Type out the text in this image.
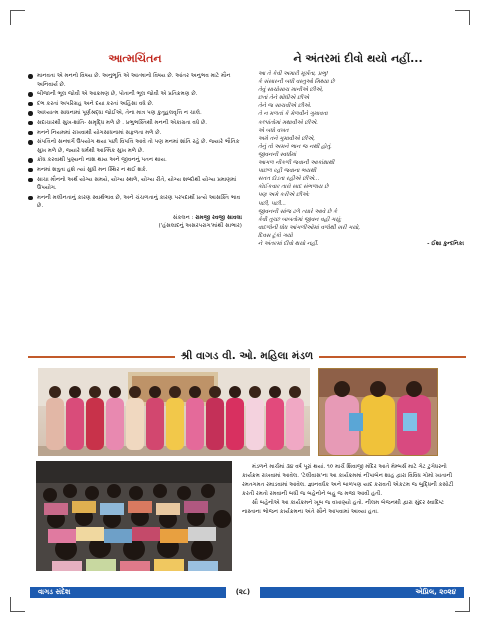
આત્મચિંતન
માનવતા એ મનનો વિષય છે. અનુભૂતિ એ આત્માનો વિષય છે. આંતર અનુભવ માટે મૌન અનિવાર્ય છે.
બીજાની ભૂલ જોવી એ આક્રમણ છે, પોતાની ભૂલ જોવી એ પ્રતિક્રમણ છે.
દંભ કરતાં અપરિગ્રહ અને દયા કરતાં અહિંસા વધે છે.
આધ્યાત્મ સાધનામાં પૂર્ણશ્રદ્ધા જોઈએ, તેના માત્ર પણ કુતૂહલવૃત્તિ ન ચાલે.
સદાચારથી સુખ-શાંતિ- સમૃદ્ધિ મળે છે . પ્રભુભક્તિથી મનની એકાગ્રતા વધે છે.
મનને નિયમમાં રાખવાથી યોગસાધનામાં સફળતા મળે છે.
સંપત્તિનો સન્માર્ગે ઉપયોગ થયા પછી વિપત્તિ આવે તો પણ મનમાં શાંતિ રહે છે. જ્યારે ભૌતિક સુખ મળે છે, જ્યારે ધર્મથી આત્મિક સુખ મળે છે.
ક્રોધ કરવાથી પુણ્યનો નાશ થાય અને જીવનનું પતન થાય.
મનમાં શત્રુતા હશે ત્યાં સુધી મન સ્થિર ન થઈ શકે.
સાચા મૌનનો અર્થ યોગ્ય સમયે, યોગ્ય સ્થળે, યોગ્ય રીતે, યોગ્ય શબ્દોથી યોગ્ય પ્રમાણમાં ઉપયોગ.
મનની મલીનતાનું કારણ સ્વાર્થભાવ છે, અને ચંચળતાનું કારણ પરપદાર્થો પ્રત્યે આસક્તિ ભાવ છે.
સંકલન : રામજી રવજી સાવલા
('હંસલાદનું અસરપરાગ'માંથી સાભાર)
ને અંતરમાં દીવો થયો નહીં...
આ તે કેવી અમારી મૂર્ખતા, પ્રભુ!
કે સંસારની બધી વસ્તુઓ મિથ્યા છે
તેવું સાચોસાચ માનીએ છીએ,
છતાં તેને શોધીએ છીએ
તેને જ સાચવીએ છીએ.
તે ન મળતાં કે મેળવીને ગુમાવતા
કલ્પાંતોમાં મથાવીએ છીએ.
એ બધો વખત
અમે તને ગુમાવીએ છીએ,
તેનું તો અમને ભાન જ નથી હોતું.
જીવનની સ્વર્ધામાં
આગળ નીકળી જવાની આકાંક્ષાથી
પાછળ રહી જવાના ભયથી
સતત દોડતા રહીએ છીએ...
કોઈકવાર તારો સાદ સંભળાય છે
પણ અમે કરીએ છીએ:
પછી, પછી...
જીવનની સાંજ ઢળે ત્યારે આવે છે કે
કેવી તુચ્છ બાબતોમાં જીવન વહી ગયું;
વાદળોની ધોધ આંગળીઓમાં વળોથી સરી ગયો,
દિવસ ટૂંકો ગયો
ને અંતરમાં દીવો થયો નહીં.	- ઈશા કુન્દનિકા
શ્રી વાગડ વી. ઓ. મહિલા મંડળ

મંડળને માર્ચમાં ૩૪ વર્ષ પૂરાં થયાં. ૧૦ માર્ચે શિવાજી મંદિર આતે મેમ્બર્સ માટે ગેટ ટુગેધરનો કાર્યક્રમ રાખવામાં આવેલ. 'ટેલીવાસ'ના આ કાર્યક્રમમાં નીપાબેન શાહ દ્વારા વિવિધ ગોમો ખાતાની રમતગમત રમાડવામાં આવેલ. જ્ઞાનવર્ધક અને બાળપણ યાદ કરાવતી એકટમ જ બુદ્ધિની કસોટી કરતી રમતો રમવાની બધી જ બહેનોને બહુ જ મજા આવી હતી.

સૌ બહેનોએ આ કાર્યક્રમને ખૂબ જ વખાણ્યો હતો. નીલમ બેજનથી દ્વારા સુંદર સ્વાદિષ્ટ નાસ્તાના ભોજન કાર્યક્રમના અંતે સૌને આપવામાં આવ્યા હતા.

વાગડ સંદેશ	(૨૮)	એપ્રિલ, ૨૦૨૪
